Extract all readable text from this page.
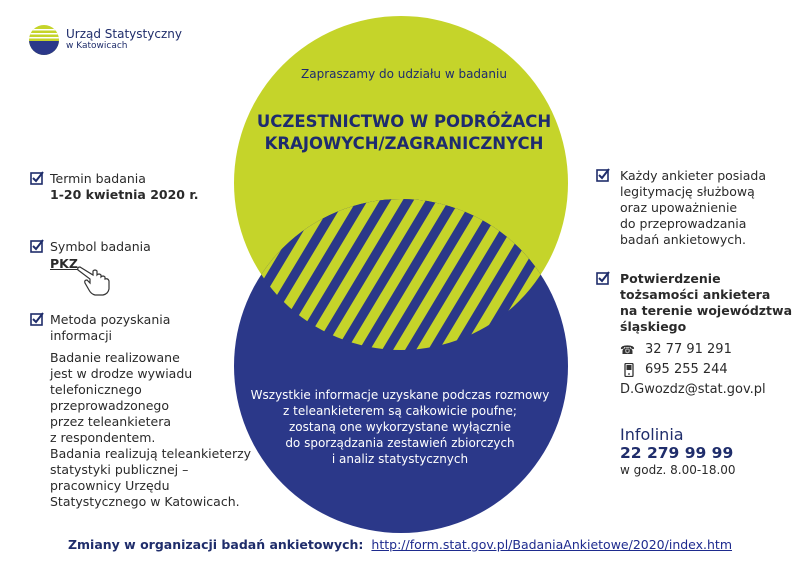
Urząd Statystyczny
w Katowicach
Zapraszamy do udziału w badaniu
UCZESTNICTWO W PODRÓŻACH
KRAJOWYCH/ZAGRANICZNYCH
Wszystkie informacje uzyskane podczas rozmowy
z teleankieterem są całkowicie poufne;
zostaną one wykorzystane wyłącznie
do sporządzania zestawień zbiorczych
i analiz statystycznych
Termin badania
1-20 kwietnia 2020 r.
Symbol badania
PKZ
Metoda pozyskania
informacji
Badanie realizowane
jest w drodze wywiadu
telefonicznego
przeprowadzonego
przez teleankietera
z respondentem.
Badania realizują teleankieterzy
statystyki publicznej –
pracownicy Urzędu
Statystycznego w Katowicach.
Każdy ankieter posiada
legitymację służbową
oraz upoważnienie
do przeprowadzania
badań ankietowych.
Potwierdzenie
tożsamości ankietera
na terenie województwa
śląskiego
☎ 32 77 91 291
695 255 244
D.Gwozdz@stat.gov.pl
Infolinia
22 279 99 99
w godz. 8.00-18.00
Zmiany w organizacji badań ankietowych: http://form.stat.gov.pl/BadaniaAnkietowe/2020/index.htm
